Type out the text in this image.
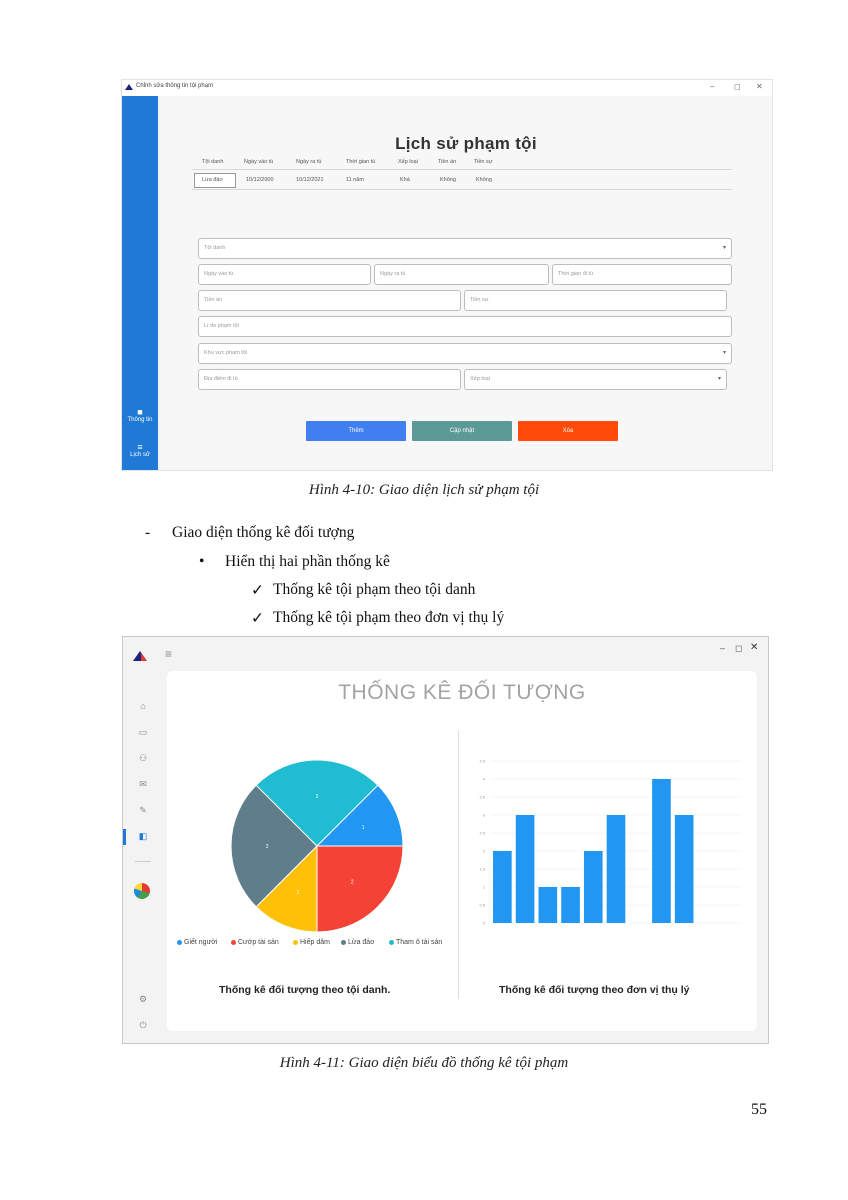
Chỉnh sửa thông tin tội phạm	– ◻ ✕
■
Thông tin
≡
Lịch sử
Lịch sử phạm tội
Tội danh	Ngày vào tù	Ngày ra tù	Thời gian tù	Xếp loại	Tiền án	Tiền sự
Lừa đảo	10/12/2000	10/12/2021	11 năm	Khá	Không	Không
Tội danh	▾
Ngày vào tù	Ngày ra tù	Thời gian đi tù
Tiền án	Tiền sự
Lí do phạm tội
Khu vực phạm tội	▾
Địa điểm đi tù	Xếp loại	▾
Thêm	Cập nhật	Xóa
Hình 4-10: Giao diện lịch sử phạm tội
- Giao diện thống kê đối tượng
• Hiển thị hai phần thống kê
✓ Thống kê tội phạm theo tội danh
✓ Thống kê tội phạm theo đơn vị thụ lý
≡
⌂
▭
⚇
✉
✎
◧
⚙
⏻
– ◻ ✕
THỐNG KÊ ĐỐI TƯỢNG
1
2
1
2
2
Giết người	Cướp tài sản	Hiếp dâm	Lừa đảo	Tham ô tài sản
0
0.5
1
1.5
2
2.5
3
3.5
4
4.5
Thống kê đối tượng theo tội danh.	Thống kê đối tượng theo đơn vị thụ lý
Hình 4-11: Giao diện biểu đồ thống kê tội phạm
55
